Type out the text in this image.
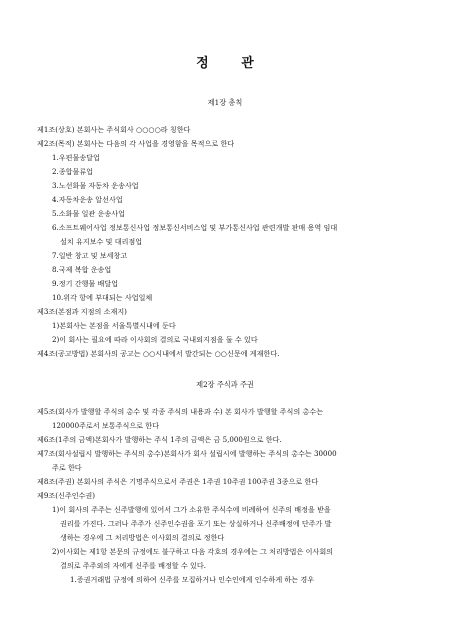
정 관
제1장 총칙
제1조(상호) 본회사는 주식회사 ○○○○라 칭한다
제2조(목적) 본회사는 다음의 각 사업을 경영함을 목적으로 한다
1.우편물송달업
2.종합물류업
3.노선화물 자동차 운송사업
4.자동차운송 알선사업
5.소화물 일관 운송사업
6.소프트웨어사업 정보통신사업 정보통신서비스업 및 부가통신사업 관련개발 판매 용역 임대
설치 유지보수 및 대리점업
7.일반 창고 및 보세창고
8.국제 복합 운송업
9.정기 간행물 배달업
10.위각 항에 부대되는 사업일체
제3조(본점과 지점의 소재지)
1)본회사는 본점을 서울특별시내에 둔다
2)이 회사는 필요에 따라 이사회의 결의로 국내외지점을 둘 수 있다
제4조(공고방법) 본회사의 공고는 ○○시내에서 발간되는 ○○신문에 게재한다.
제2장 주식과 주권
제5조(회사가 발행할 주식의 총수 및 각종 주식의 내용과 수) 본 회사가 발행할 주식의 총수는
120000주로서 보통주식으로 한다
제6조(1주의 금액)본회사가 발행하는 주식 1주의 금액은 금 5,000원으로 한다.
제7조(회사설립시 발행하는 주식의 총수)본회사가 회사 설립시에 발행하는 주식의 총수는 30000
주로 한다
제8조(주권) 본회사의 주식은 기명주식으로서 주권은 1주권 10주권 100주권 3종으로 한다
제9조(신주인수권)
1)이 회사의 주주는 신주발행에 있어서 그가 소유한 주식수에 비례하여 신주의 배정을 받을
권리를 가진다. 그러나 주주가 신주인수권을 포기 또는 상실하거나 신주배정에 단주가 발
생하는 경우에 그 처리방법은 이사회의 결의로 정한다
2)이사회는 제1항 본문의 규정에도 불구하고 다음 각호의 경우에는 그 처리방법은 이사회의
결의로 주주외의 자에게 신주를 배정할 수 있다.
1.증권거래법 규정에 의하여 신주를 모집하거나 인수인에게 인수하게 하는 경우
